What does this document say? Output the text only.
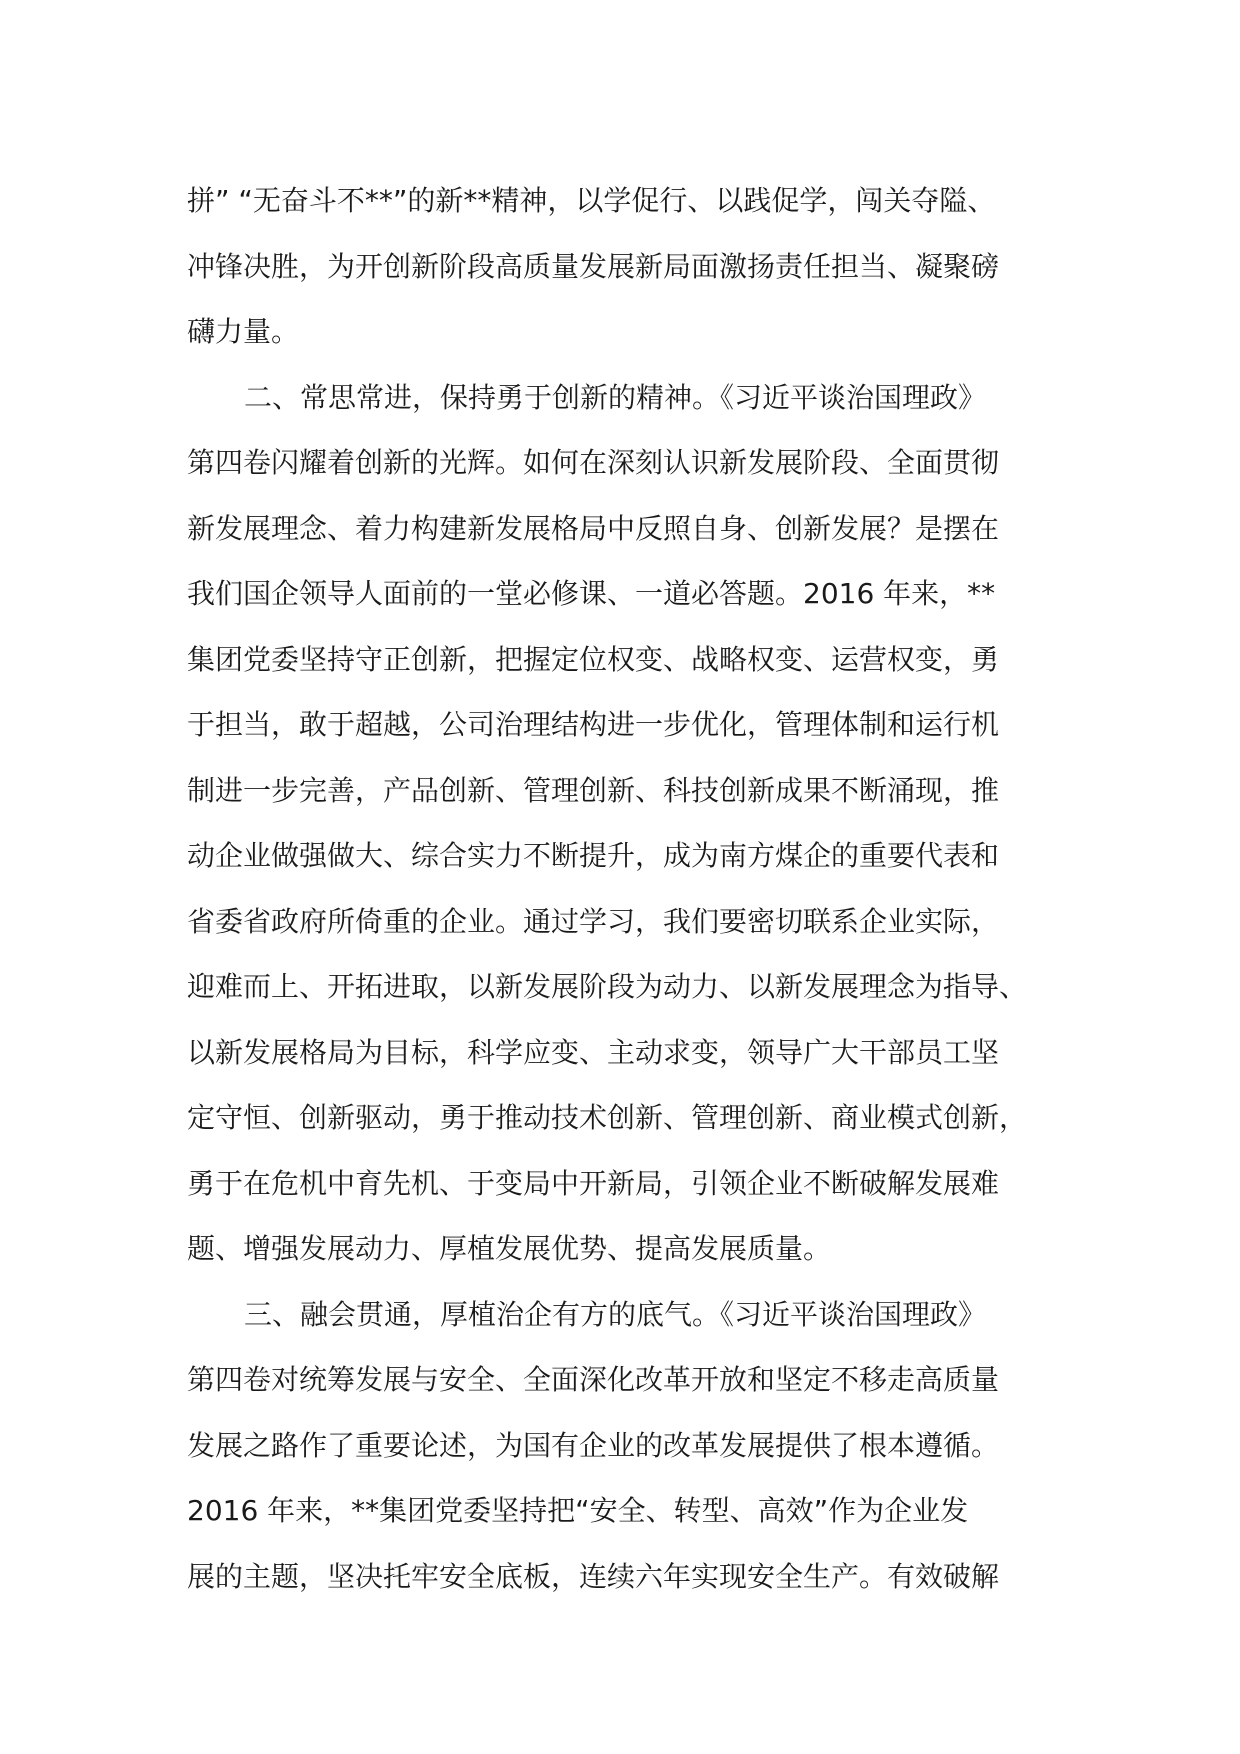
拼” “无奋斗不**”的新**精神，以学促行、以践促学，闯关夺隘、
冲锋决胜，为开创新阶段高质量发展新局面激扬责任担当、凝聚磅
礴力量。
二、常思常进，保持勇于创新的精神。《习近平谈治国理政》
第四卷闪耀着创新的光辉。如何在深刻认识新发展阶段、全面贯彻
新发展理念、着力构建新发展格局中反照自身、创新发展？是摆在
我们国企领导人面前的一堂必修课、一道必答题。2016 年来，**
集团党委坚持守正创新，把握定位权变、战略权变、运营权变，勇
于担当，敢于超越，公司治理结构进一步优化，管理体制和运行机
制进一步完善，产品创新、管理创新、科技创新成果不断涌现，推
动企业做强做大、综合实力不断提升，成为南方煤企的重要代表和
省委省政府所倚重的企业。通过学习，我们要密切联系企业实际，
迎难而上、开拓进取，以新发展阶段为动力、以新发展理念为指导、
以新发展格局为目标，科学应变、主动求变，领导广大干部员工坚
定守恒、创新驱动，勇于推动技术创新、管理创新、商业模式创新，
勇于在危机中育先机、于变局中开新局，引领企业不断破解发展难
题、增强发展动力、厚植发展优势、提高发展质量。
三、融会贯通，厚植治企有方的底气。《习近平谈治国理政》
第四卷对统筹发展与安全、全面深化改革开放和坚定不移走高质量
发展之路作了重要论述，为国有企业的改革发展提供了根本遵循。
2016 年来，**集团党委坚持把“安全、转型、高效”作为企业发
展的主题，坚决托牢安全底板，连续六年实现安全生产。有效破解
